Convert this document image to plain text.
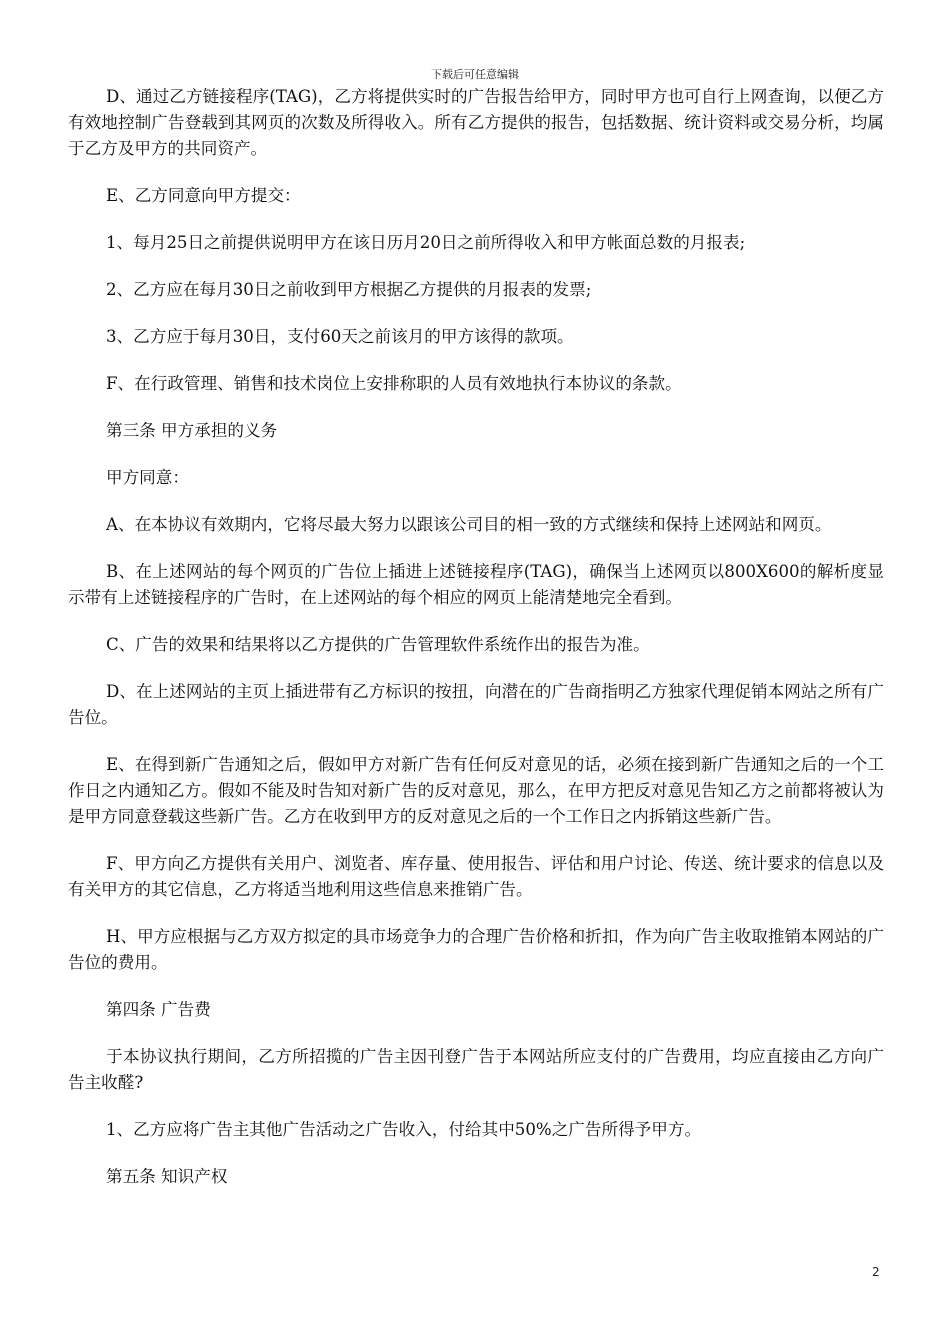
下载后可任意编辑

D、通过乙方链接程序(TAG)，乙方将提供实时的广告报告给甲方，同时甲方也可自行上网查询，以便乙方有效地控制广告登载到其网页的次数及所得收入。所有乙方提供的报告，包括数据、统计资料或交易分析，均属于乙方及甲方的共同资产。

E、乙方同意向甲方提交：

1、每月25日之前提供说明甲方在该日历月20日之前所得收入和甲方帐面总数的月报表;

2、乙方应在每月30日之前收到甲方根据乙方提供的月报表的发票;

3、乙方应于每月30日，支付60天之前该月的甲方该得的款项。

F、在行政管理、销售和技术岗位上安排称职的人员有效地执行本协议的条款。

第三条 甲方承担的义务

甲方同意：

A、在本协议有效期内，它将尽最大努力以跟该公司目的相一致的方式继续和保持上述网站和网页。

B、在上述网站的每个网页的广告位上插进上述链接程序(TAG)，确保当上述网页以800X600的解析度显示带有上述链接程序的广告时，在上述网站的每个相应的网页上能清楚地完全看到。

C、广告的效果和结果将以乙方提供的广告管理软件系统作出的报告为准。

D、在上述网站的主页上插进带有乙方标识的按扭，向潜在的广告商指明乙方独家代理促销本网站之所有广告位。

E、在得到新广告通知之后，假如甲方对新广告有任何反对意见的话，必须在接到新广告通知之后的一个工作日之内通知乙方。假如不能及时告知对新广告的反对意见，那么，在甲方把反对意见告知乙方之前都将被认为是甲方同意登载这些新广告。乙方在收到甲方的反对意见之后的一个工作日之内拆销这些新广告。

F、甲方向乙方提供有关用户、浏览者、库存量、使用报告、评估和用户讨论、传送、统计要求的信息以及有关甲方的其它信息，乙方将适当地利用这些信息来推销广告。

H、甲方应根据与乙方双方拟定的具市场竞争力的合理广告价格和折扣，作为向广告主收取推销本网站的广告位的费用。

第四条 广告费

于本协议执行期间，乙方所招揽的广告主因刊登广告于本网站所应支付的广告费用，均应直接由乙方向广告主收醛?

1、乙方应将广告主其他广告活动之广告收入，付给其中50%之广告所得予甲方。

第五条 知识产权

2
